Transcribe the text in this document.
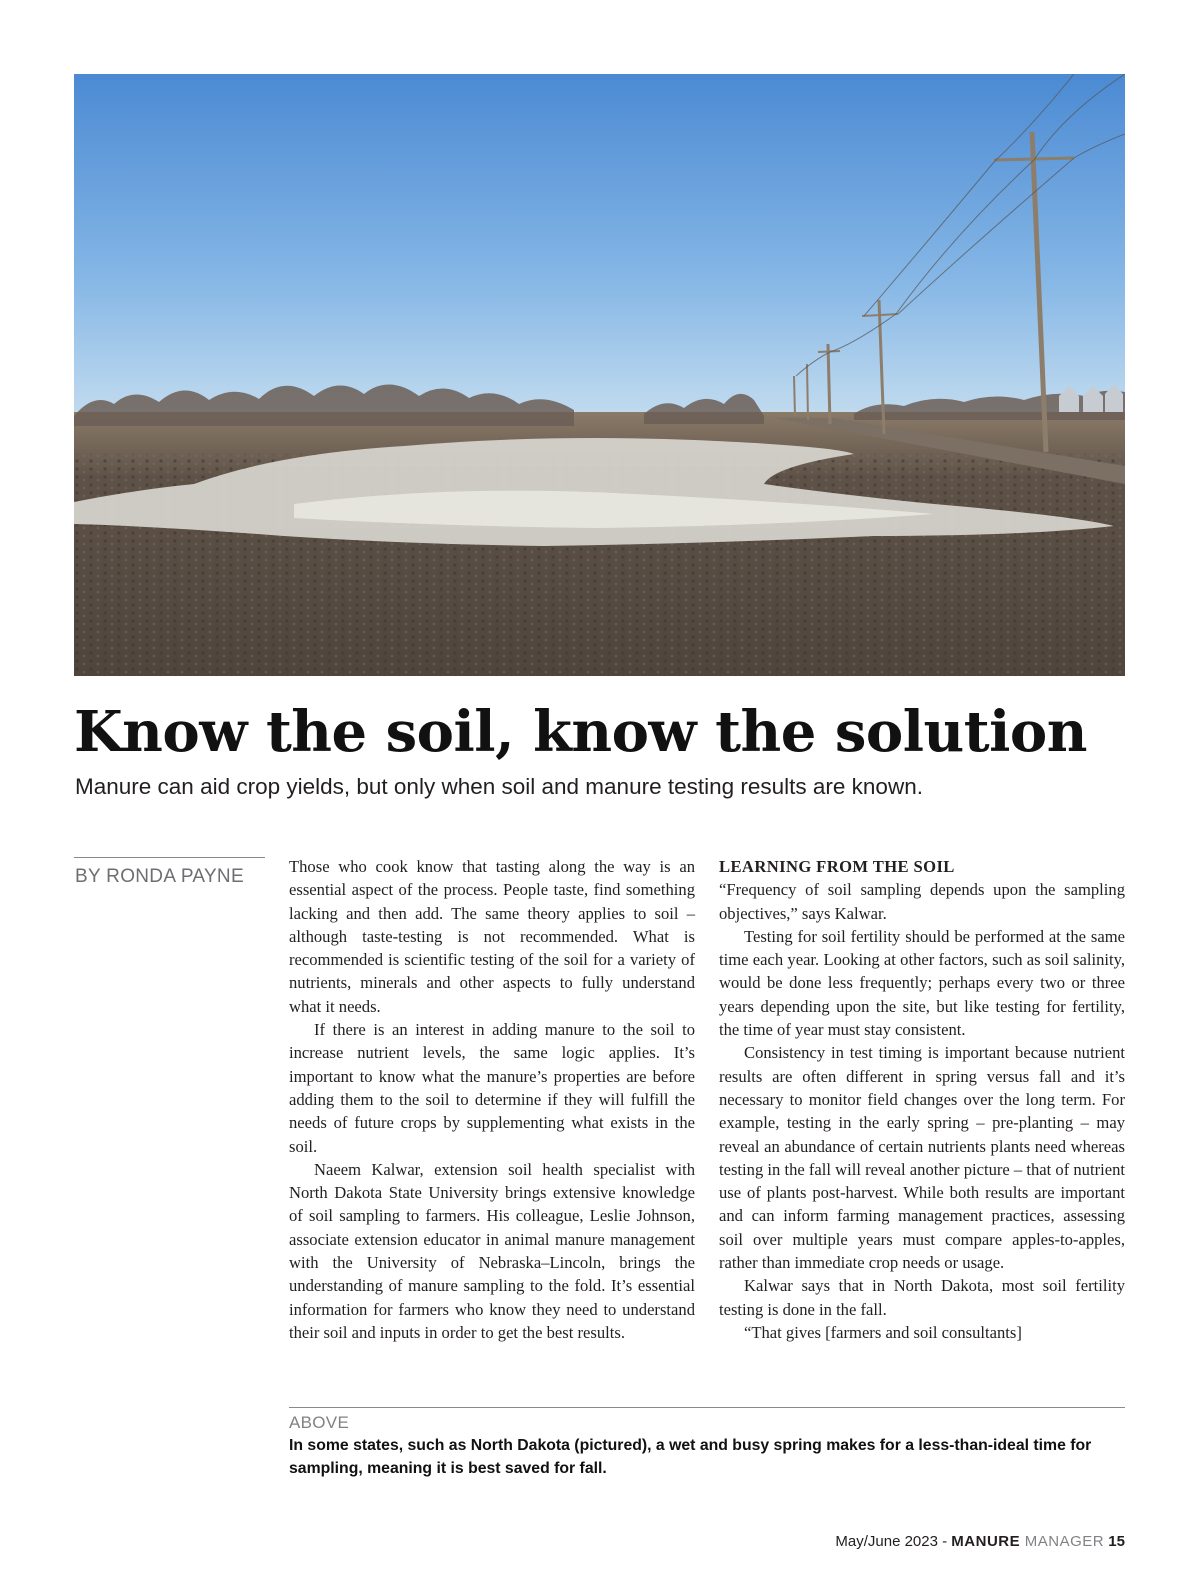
Know the soil, know the solution

Manure can aid crop yields, but only when soil and manure testing results are known.

BY RONDA PAYNE	Those who cook know that tasting along the way is an essential aspect of the process. People taste, find something lacking and then add. The same theory applies to soil – although taste-testing is not recommended. What is recommended is scientific testing of the soil for a variety of nutrients, minerals and other aspects to fully understand what it needs.

If there is an interest in adding manure to the soil to increase nutrient levels, the same logic applies. It’s important to know what the manure’s properties are before adding them to the soil to determine if they will fulfill the needs of future crops by supplementing what exists in the soil.

Naeem Kalwar, extension soil health specialist with North Dakota State University brings extensive knowledge of soil sampling to farmers. His colleague, Leslie Johnson, associate extension educator in animal manure management with the University of Nebraska–Lincoln, brings the understanding of manure sampling to the fold. It’s essential information for farmers who know they need to understand their soil and inputs in order to get the best results.

LEARNING FROM THE SOIL

“Frequency of soil sampling depends upon the sampling objectives,” says Kalwar.

Testing for soil fertility should be performed at the same time each year. Looking at other factors, such as soil salinity, would be done less frequently; perhaps every two or three years depending upon the site, but like testing for fertility, the time of year must stay consistent.

Consistency in test timing is important because nutrient results are often different in spring versus fall and it’s necessary to monitor field changes over the long term. For example, testing in the early spring – pre-planting – may reveal an abundance of certain nutrients plants need whereas testing in the fall will reveal another picture – that of nutrient use of plants post-harvest. While both results are important and can inform farming management practices, assessing soil over multiple years must compare apples-to-apples, rather than immediate crop needs or usage.

Kalwar says that in North Dakota, most soil fertility testing is done in the fall.

“That gives [farmers and soil consultants]

ABOVE
In some states, such as North Dakota (pictured), a wet and busy spring makes for a less-than-ideal time for sampling, meaning it is best saved for fall.
May/June 2023 - MANURE MANAGER 15
